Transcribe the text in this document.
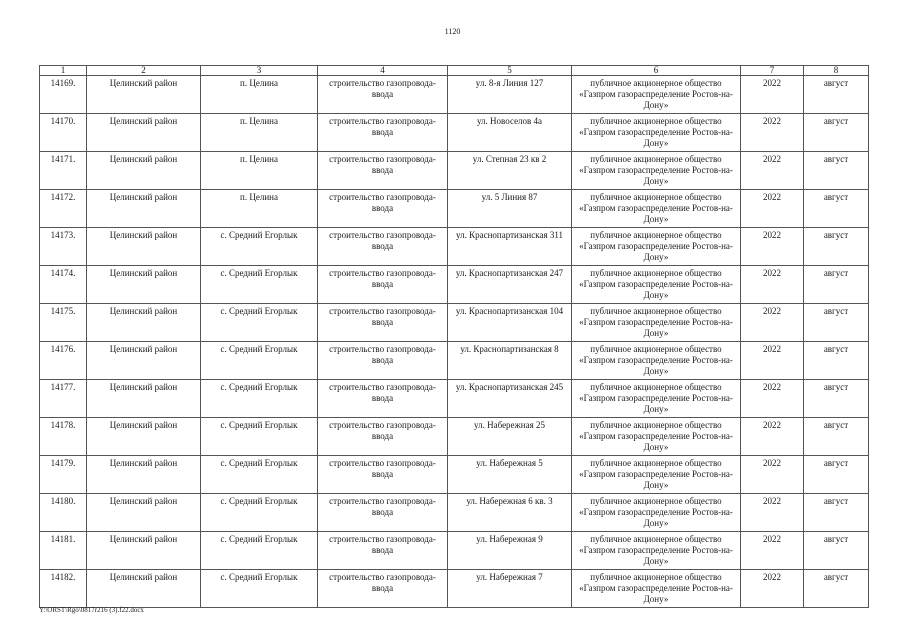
1120
1	2	3	4	5	6	7	8
14169.	Целинский район	п. Целина	строительство газопровода-ввода	ул. 8-я Линия 127	публичное акционерное общество «Газпром газораспределение Ростов-на-Дону»	2022	август
14170.	Целинский район	п. Целина	строительство газопровода-ввода	ул. Новоселов 4а	публичное акционерное общество «Газпром газораспределение Ростов-на-Дону»	2022	август
14171.	Целинский район	п. Целина	строительство газопровода-ввода	ул. Степная 23 кв 2	публичное акционерное общество «Газпром газораспределение Ростов-на-Дону»	2022	август
14172.	Целинский район	п. Целина	строительство газопровода-ввода	ул. 5 Линия 87	публичное акционерное общество «Газпром газораспределение Ростов-на-Дону»	2022	август
14173.	Целинский район	с. Средний Егорлык	строительство газопровода-ввода	ул. Краснопартизанская 311	публичное акционерное общество «Газпром газораспределение Ростов-на-Дону»	2022	август
14174.	Целинский район	с. Средний Егорлык	строительство газопровода-ввода	ул. Краснопартизанская 247	публичное акционерное общество «Газпром газораспределение Ростов-на-Дону»	2022	август
14175.	Целинский район	с. Средний Егорлык	строительство газопровода-ввода	ул. Краснопартизанская 104	публичное акционерное общество «Газпром газораспределение Ростов-на-Дону»	2022	август
14176.	Целинский район	с. Средний Егорлык	строительство газопровода-ввода	ул. Краснопартизанская 8	публичное акционерное общество «Газпром газораспределение Ростов-на-Дону»	2022	август
14177.	Целинский район	с. Средний Егорлык	строительство газопровода-ввода	ул. Краснопартизанская 245	публичное акционерное общество «Газпром газораспределение Ростов-на-Дону»	2022	август
14178.	Целинский район	с. Средний Егорлык	строительство газопровода-ввода	ул. Набережная 25	публичное акционерное общество «Газпром газораспределение Ростов-на-Дону»	2022	август
14179.	Целинский район	с. Средний Егорлык	строительство газопровода-ввода	ул. Набережная 5	публичное акционерное общество «Газпром газораспределение Ростов-на-Дону»	2022	август
14180.	Целинский район	с. Средний Егорлык	строительство газопровода-ввода	ул. Набережная 6 кв. 3	публичное акционерное общество «Газпром газораспределение Ростов-на-Дону»	2022	август
14181.	Целинский район	с. Средний Егорлык	строительство газопровода-ввода	ул. Набережная 9	публичное акционерное общество «Газпром газораспределение Ростов-на-Дону»	2022	август
14182.	Целинский район	с. Средний Егорлык	строительство газопровода-ввода	ул. Набережная 7	публичное акционерное общество «Газпром газораспределение Ростов-на-Дону»	2022	август
Y:\ORST\Rgo\0817r216 (3).f22.docx
